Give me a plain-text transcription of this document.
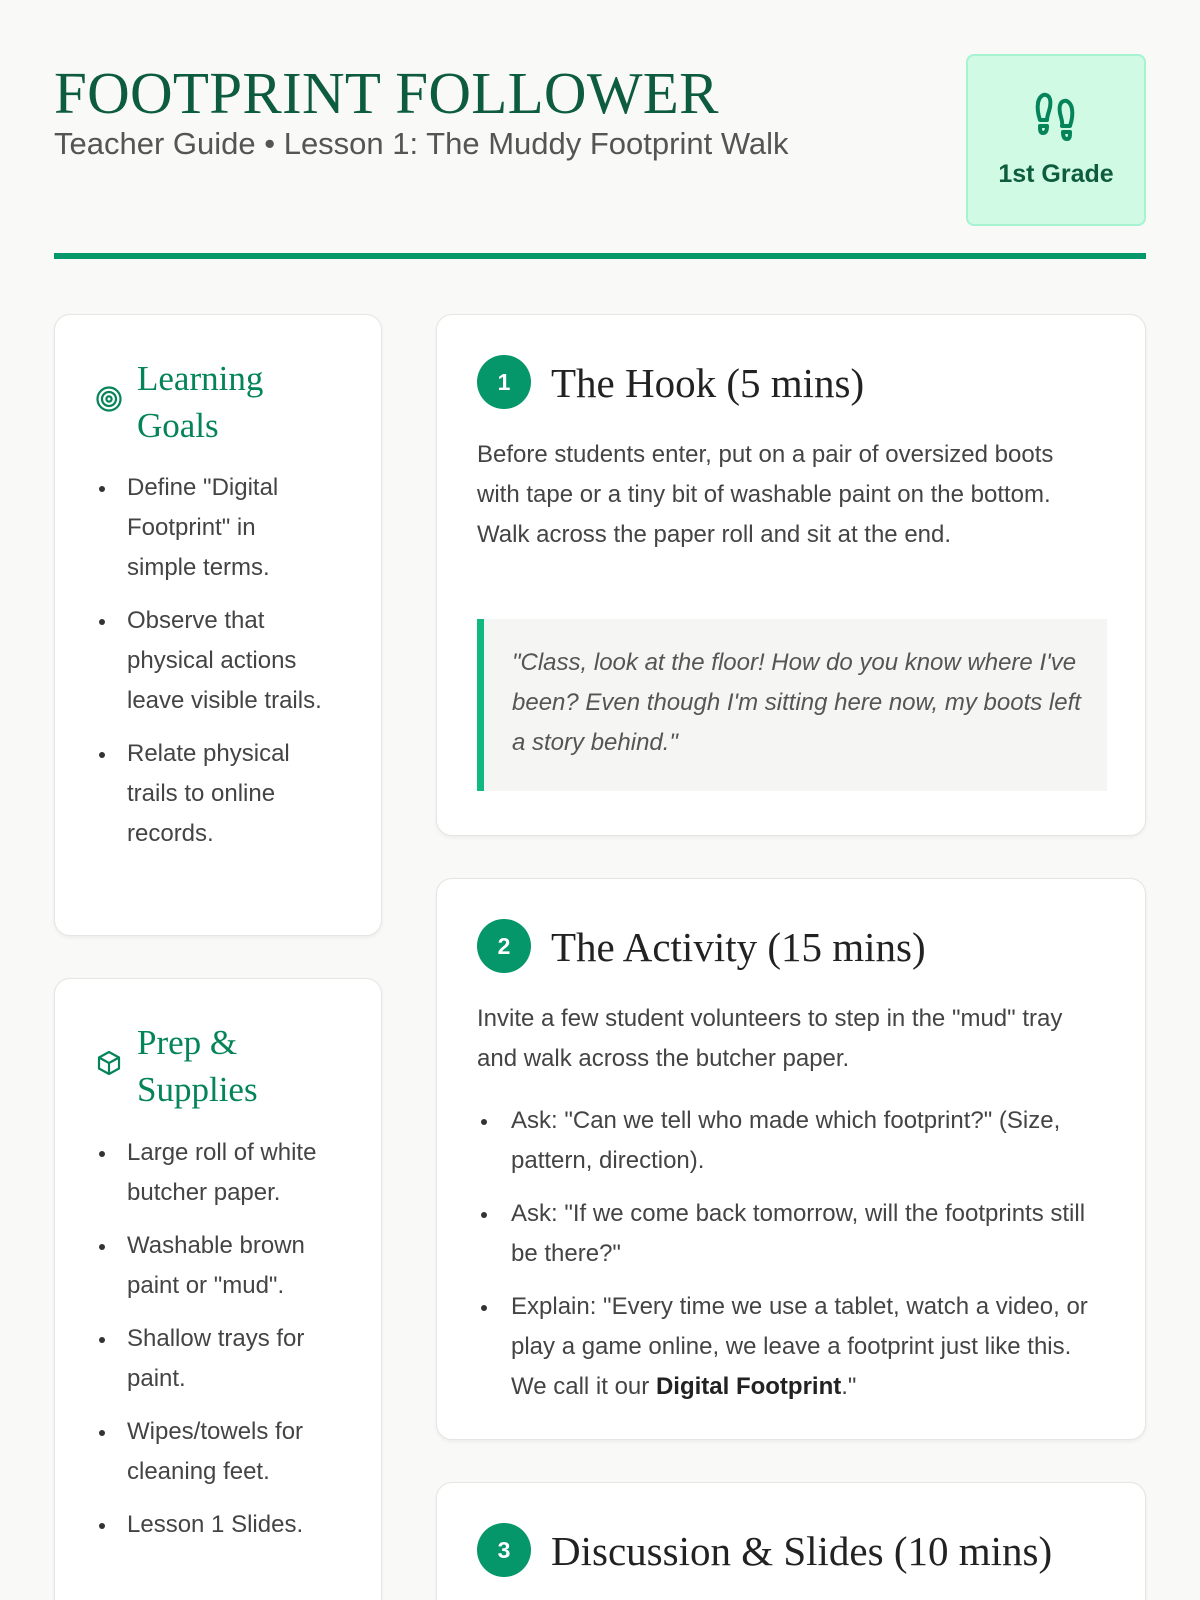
FOOTPRINT FOLLOWER
Teacher Guide • Lesson 1: The Muddy Footprint Walk
1st Grade
Learning Goals
Define "Digital Footprint" in simple terms.
Observe that physical actions leave visible trails.
Relate physical trails to online records.
Prep & Supplies
Large roll of white butcher paper.
Washable brown paint or "mud".
Shallow trays for paint.
Wipes/towels for cleaning feet.
Lesson 1 Slides.
1 The Hook (5 mins)
Before students enter, put on a pair of oversized boots with tape or a tiny bit of washable paint on the bottom. Walk across the paper roll and sit at the end.
"Class, look at the floor! How do you know where I've been? Even though I'm sitting here now, my boots left a story behind."
2 The Activity (15 mins)
Invite a few student volunteers to step in the "mud" tray and walk across the butcher paper.
Ask: "Can we tell who made which footprint?" (Size, pattern, direction).
Ask: "If we come back tomorrow, will the footprints still be there?"
Explain: "Every time we use a tablet, watch a video, or play a game online, we leave a footprint just like this. We call it our Digital Footprint."
3 Discussion & Slides (10 mins)
